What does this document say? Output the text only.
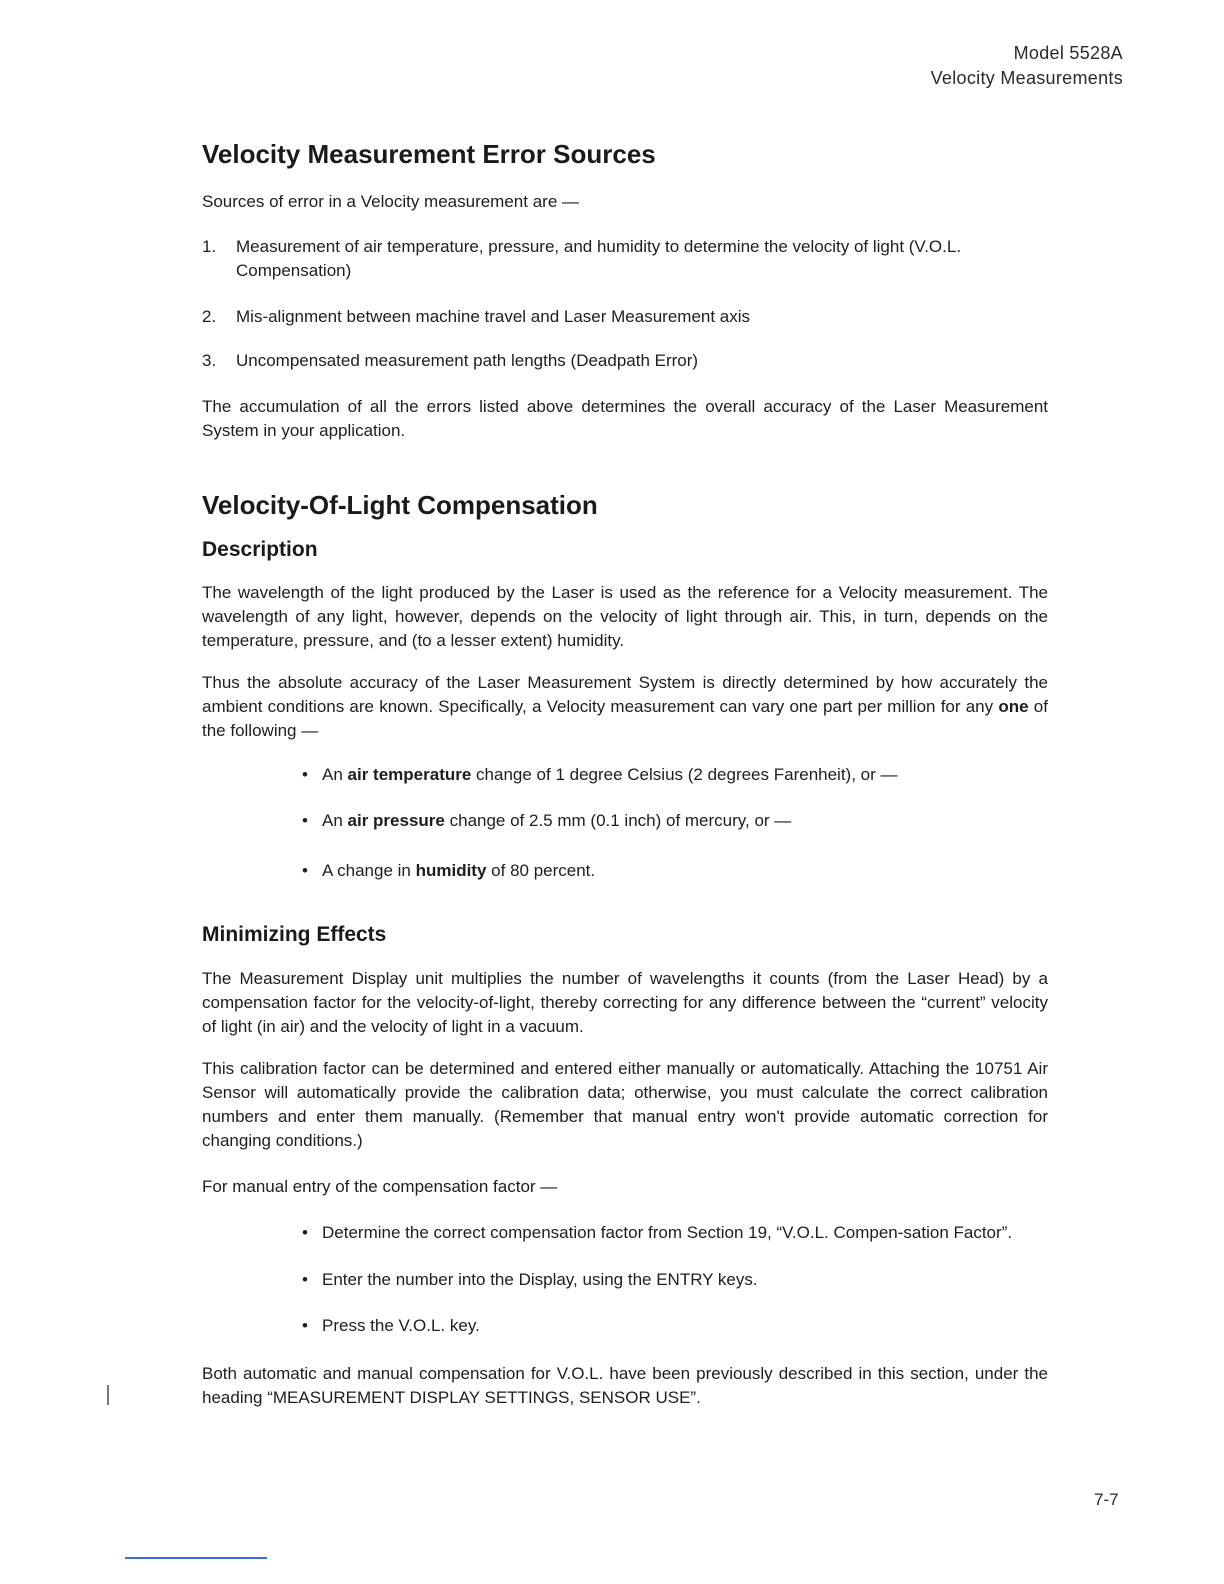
Model 5528A
Velocity Measurements
Velocity Measurement Error Sources

Sources of error in a Velocity measurement are —

1.	Measurement of air temperature, pressure, and humidity to determine the velocity of light (V.O.L. Compensation)
2.	Mis-alignment between machine travel and Laser Measurement axis
3.	Uncompensated measurement path lengths (Deadpath Error)

The accumulation of all the errors listed above determines the overall accuracy of the Laser Measurement System in your application.

Velocity-Of-Light Compensation
Description

The wavelength of the light produced by the Laser is used as the reference for a Velocity measurement. The wavelength of any light, however, depends on the velocity of light through air. This, in turn, depends on the temperature, pressure, and (to a lesser extent) humidity.

Thus the absolute accuracy of the Laser Measurement System is directly determined by how accurately the ambient conditions are known. Specifically, a Velocity measurement can vary one part per million for any one of the following —

• An air temperature change of 1 degree Celsius (2 degrees Farenheit), or —
• An air pressure change of 2.5 mm (0.1 inch) of mercury, or —
• A change in humidity of 80 percent.
Minimizing Effects

The Measurement Display unit multiplies the number of wavelengths it counts (from the Laser Head) by a compensation factor for the velocity-of-light, thereby correcting for any difference between the “current” velocity of light (in air) and the velocity of light in a vacuum.

This calibration factor can be determined and entered either manually or automatically. Attaching the 10751 Air Sensor will automatically provide the calibration data; otherwise, you must calculate the correct calibration numbers and enter them manually. (Remember that manual entry won't provide automatic correction for changing conditions.)

For manual entry of the compensation factor —

• Determine the correct compensation factor from Section 19, “V.O.L. Compen-sation Factor”.
• Enter the number into the Display, using the ENTRY keys.
• Press the V.O.L. key.

Both automatic and manual compensation for V.O.L. have been previously described in this section, under the heading “MEASUREMENT DISPLAY SETTINGS, SENSOR USE”.

7-7
